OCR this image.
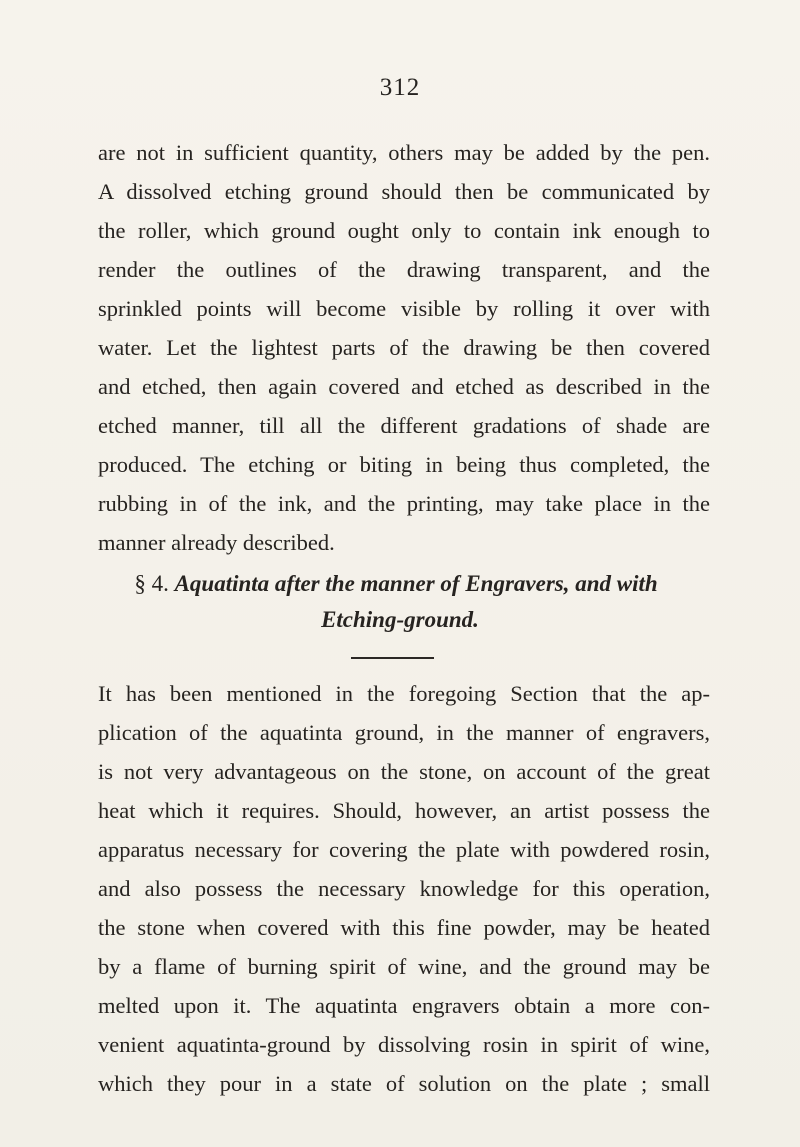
312
are not in sufficient quantity, others may be added by the pen.
A dissolved etching ground should then be communicated by
the roller, which ground ought only to contain ink enough to
render the outlines of the drawing transparent, and the
sprinkled points will become visible by rolling it over with
water. Let the lightest parts of the drawing be then covered
and etched, then again covered and etched as described in the
etched manner, till all the different gradations of shade are
produced. The etching or biting in being thus completed, the
rubbing in of the ink, and the printing, may take place in the
manner already described.
§ 4. Aquatinta after the manner of Engravers, and with
Etching-ground.
It has been mentioned in the foregoing Section that the ap-
plication of the aquatinta ground, in the manner of engravers,
is not very advantageous on the stone, on account of the great
heat which it requires. Should, however, an artist possess the
apparatus necessary for covering the plate with powdered rosin,
and also possess the necessary knowledge for this operation,
the stone when covered with this fine powder, may be heated
by a flame of burning spirit of wine, and the ground may be
melted upon it. The aquatinta engravers obtain a more con-
venient aquatinta-ground by dissolving rosin in spirit of wine,
which they pour in a state of solution on the plate ; small
